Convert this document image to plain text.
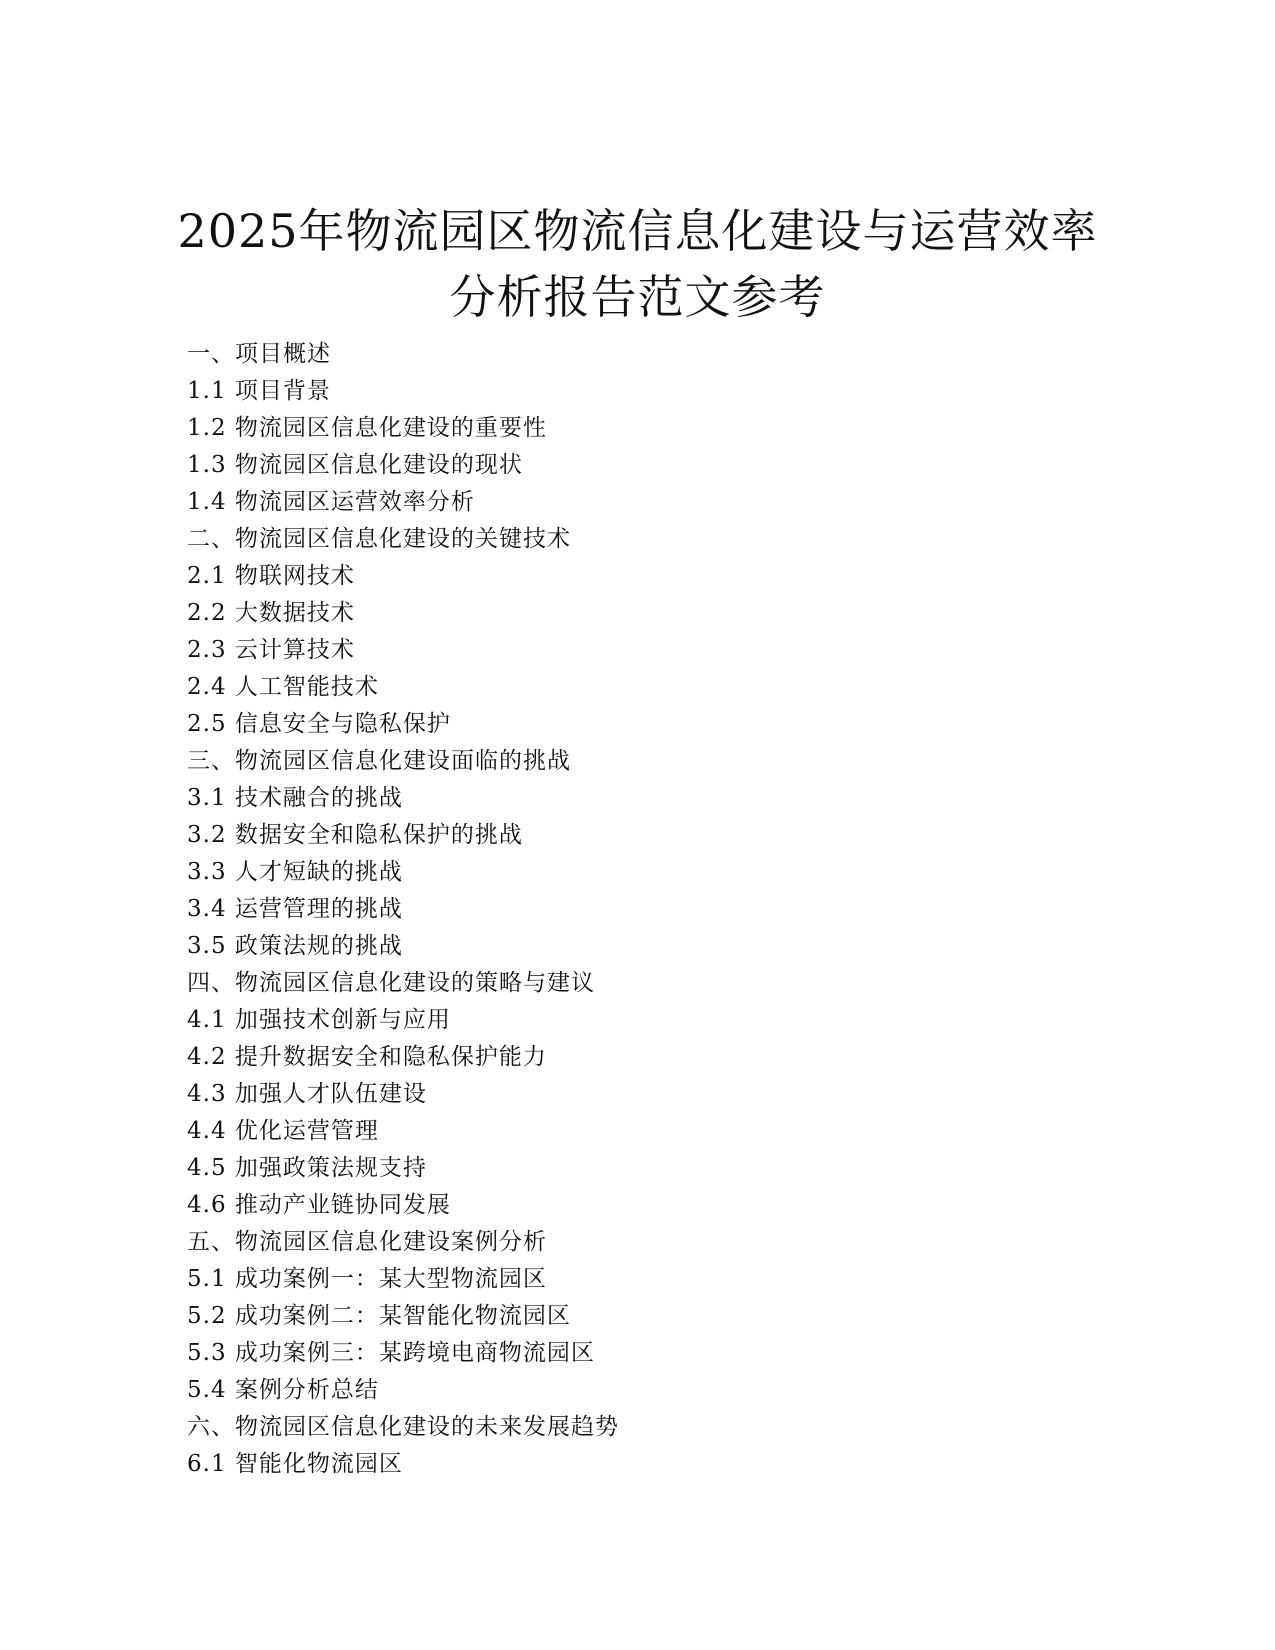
2025年物流园区物流信息化建设与运营效率
分析报告范文参考
一、项目概述
1.1 项目背景
1.2 物流园区信息化建设的重要性
1.3 物流园区信息化建设的现状
1.4 物流园区运营效率分析
二、物流园区信息化建设的关键技术
2.1 物联网技术
2.2 大数据技术
2.3 云计算技术
2.4 人工智能技术
2.5 信息安全与隐私保护
三、物流园区信息化建设面临的挑战
3.1 技术融合的挑战
3.2 数据安全和隐私保护的挑战
3.3 人才短缺的挑战
3.4 运营管理的挑战
3.5 政策法规的挑战
四、物流园区信息化建设的策略与建议
4.1 加强技术创新与应用
4.2 提升数据安全和隐私保护能力
4.3 加强人才队伍建设
4.4 优化运营管理
4.5 加强政策法规支持
4.6 推动产业链协同发展
五、物流园区信息化建设案例分析
5.1 成功案例一：某大型物流园区
5.2 成功案例二：某智能化物流园区
5.3 成功案例三：某跨境电商物流园区
5.4 案例分析总结
六、物流园区信息化建设的未来发展趋势
6.1 智能化物流园区
